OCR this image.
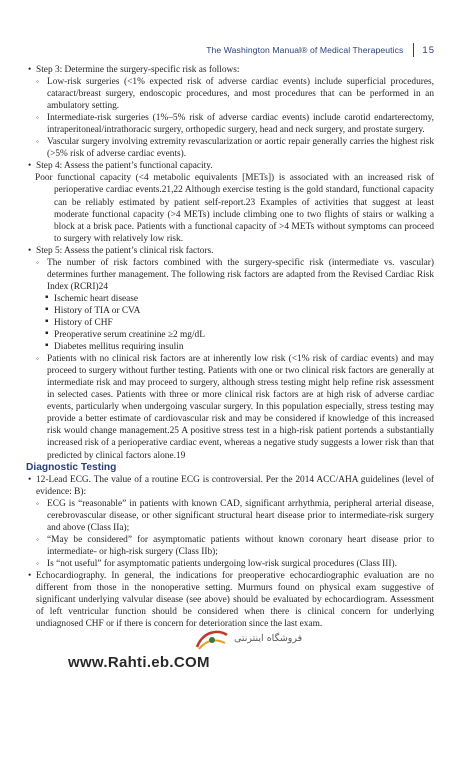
The Washington Manual® of Medical Therapeutics 15
• Step 3: Determine the surgery-specific risk as follows:
◦ Low-risk surgeries (<1% expected risk of adverse cardiac events) include superficial procedures, cataract/breast surgery, endoscopic procedures, and most procedures that can be performed in an ambulatory setting.
◦ Intermediate-risk surgeries (1%–5% risk of adverse cardiac events) include carotid endarterectomy, intraperitoneal/intrathoracic surgery, orthopedic surgery, head and neck surgery, and prostate surgery.
◦ Vascular surgery involving extremity revascularization or aortic repair generally carries the highest risk (>5% risk of adverse cardiac events).
• Step 4: Assess the patient’s functional capacity.

Poor functional capacity (<4 metabolic equivalents [METs]) is associated with an increased risk of perioperative cardiac events.21,22 Although exercise testing is the gold standard, functional capacity can be reliably estimated by patient self-report.23 Examples of activities that suggest at least moderate functional capacity (>4 METs) include climbing one to two flights of stairs or walking a block at a brisk pace. Patients with a functional capacity of >4 METs without symptoms can proceed to surgery with relatively low risk.

• Step 5: Assess the patient’s clinical risk factors.
◦ The number of risk factors combined with the surgery-specific risk (intermediate vs. vascular) determines further management. The following risk factors are adapted from the Revised Cardiac Risk Index (RCRI)24
▪ Ischemic heart disease
▪ History of TIA or CVA
▪ History of CHF
▪ Preoperative serum creatinine ≥2 mg/dL
▪ Diabetes mellitus requiring insulin
◦ Patients with no clinical risk factors are at inherently low risk (<1% risk of cardiac events) and may proceed to surgery without further testing. Patients with one or two clinical risk factors are generally at intermediate risk and may proceed to surgery, although stress testing might help refine risk assessment in selected cases. Patients with three or more clinical risk factors are at high risk of adverse cardiac events, particularly when undergoing vascular surgery. In this population especially, stress testing may provide a better estimate of cardiovascular risk and may be considered if knowledge of this increased risk would change management.25 A positive stress test in a high-risk patient portends a substantially increased risk of a perioperative cardiac event, whereas a negative study suggests a lower risk than that predicted by clinical factors alone.19
Diagnostic Testing
• 12-Lead ECG. The value of a routine ECG is controversial. Per the 2014 ACC/AHA guidelines (level of evidence: B):
◦ ECG is “reasonable” in patients with known CAD, significant arrhythmia, peripheral arterial disease, cerebrovascular disease, or other significant structural heart disease prior to intermediate-risk surgery and above (Class IIa);
◦ “May be considered” for asymptomatic patients without known coronary heart disease prior to intermediate- or high-risk surgery (Class IIb);
◦ Is “not useful” for asymptomatic patients undergoing low-risk surgical procedures (Class III).
• Echocardiography. In general, the indications for preoperative echocardiographic evaluation are no different from those in the nonoperative setting. Murmurs found on physical exam suggestive of significant underlying valvular disease (see above) should be evaluated by echocardiogram. Assessment of left ventricular function should be considered when there is clinical concern for underlying undiagnosed CHF or if there is concern for deterioration since the last exam.
فروشگاه اینترنتی
www.Rahti.eb.COM
